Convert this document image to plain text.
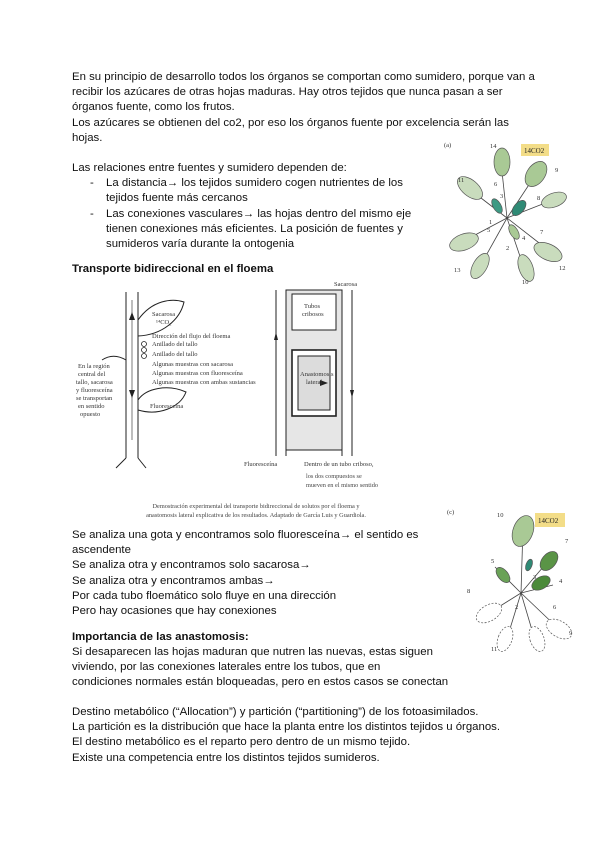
En su principio de desarrollo todos los órganos se comportan como sumidero, porque van a

recibir los azúcares de otras hojas maduras. Hay otros tejidos que nunca pasan a ser

órganos fuente, como los frutos.

Los azúcares se obtienen del co2, por eso los órganos fuente por excelencia serán las

hojas.

Las relaciones entre fuentes y sumidero dependen de:

- La distancia→ los tejidos sumidero cogen nutrientes de los
tejidos fuente más cercanos
- Las conexiones vasculares→ las hojas dentro del mismo eje
tienen conexiones más eficientes. La posición de fuentes y
sumideros varía durante la ontogenia
Transporte bidireccional en el floema
(a)
14CO2
14
6
9
11
8
3
7
5
2
1
4
13	12
10
Sacarosa
¹⁴CO₂
Fluoresceína
En la región
central del
tallo, sacarosa
y fluoresceína
se transportan
en sentido
opuesto
Dirección del flujo del floema
Anillado del tallo
Anillado del tallo
Algunas muestras con sacarosa
Algunas muestras con fluoresceína
Algunas muestras con ambas sustancias
Sacarosa
Tubos
cribosos
Anastomosis
lateral
Fluoresceína	Dentro de un tubo criboso,
los dos compuestos se
mueven en el mismo sentido
Demostración experimental del transporte bidireccional de solutos por el floema y
anastomosis lateral explicativa de los resultados. Adaptado de García Luis y Guardiola.	(c)
14CO2
10
7
5
3
4
8
2	6
9
11

Se analiza una gota y encontramos solo fluoresceína→ el sentido es

ascendente

Se analiza otra y encontramos solo sacarosa→

Se analiza otra y encontramos ambas→

Por cada tubo floemático solo fluye en una dirección

Pero hay ocasiones que hay conexiones

Importancia de las anastomosis:

Si desaparecen las hojas maduran que nutren las nuevas, estas siguen

viviendo, por las conexiones laterales entre los tubos, que en

condiciones normales están bloqueadas, pero en estos casos se conectan

Destino metabólico (“Allocation”) y partición (“partitioning”) de los fotoasimilados.

La partición es la distribución que hace la planta entre los distintos tejidos u órganos.

El destino metabólico es el reparto pero dentro de un mismo tejido.

Existe una competencia entre los distintos tejidos sumideros.
